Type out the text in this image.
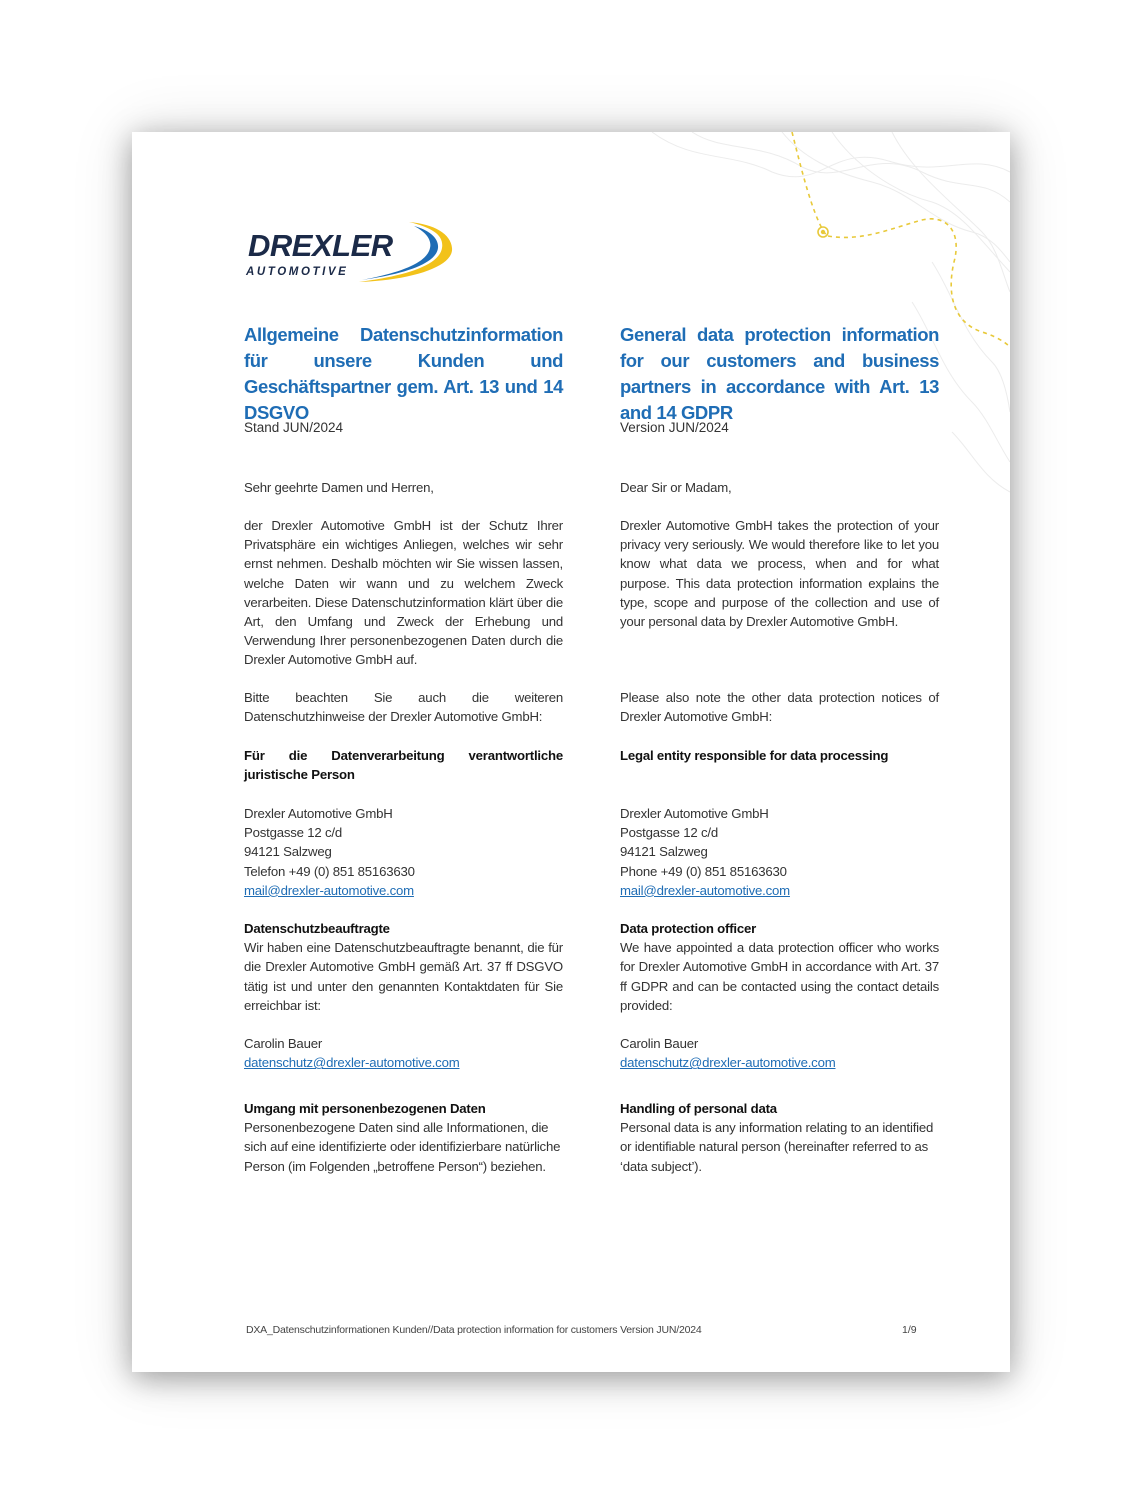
DREXLER
AUTOMOTIVE
Allgemeine Datenschutzinformation für unsere Kunden und Geschäftspartner gem. Art. 13 und 14 DSGVO
Stand JUN/2024

Sehr geehrte Damen und Herren,

der Drexler Automotive GmbH ist der Schutz Ihrer Privatsphäre ein wichtiges Anliegen, welches wir sehr ernst nehmen. Deshalb möchten wir Sie wissen lassen, welche Daten wir wann und zu welchem Zweck verarbeiten. Diese Datenschutzinformation klärt über die Art, den Umfang und Zweck der Erhebung und Verwendung Ihrer personenbezogenen Daten durch die Drexler Automotive GmbH auf.

Bitte beachten Sie auch die weiteren Datenschutzhinweise der Drexler Automotive GmbH:

Für die Datenverarbeitung verantwortliche juristische Person
Drexler Automotive GmbH
Postgasse 12 c/d
94121 Salzweg
Telefon +49 (0) 851 85163630
mail@drexler-automotive.com
Datenschutzbeauftragte

Wir haben eine Datenschutzbeauftragte benannt, die für die Drexler Automotive GmbH gemäß Art. 37 ff DSGVO tätig ist und unter den genannten Kontaktdaten für Sie erreichbar ist:

Carolin Bauer
datenschutz@drexler-automotive.com
Umgang mit personenbezogenen Daten

Personenbezogene Daten sind alle Informationen, die sich auf eine identifizierte oder identifizierbare natürliche Person (im Folgenden „betroffene Person“) beziehen.

General data protection information for our customers and business partners in accordance with Art. 13 and 14 GDPR
Version JUN/2024

Dear Sir or Madam,

Drexler Automotive GmbH takes the protection of your privacy very seriously. We would therefore like to let you know what data we process, when and for what purpose. This data protection information explains the type, scope and purpose of the collection and use of your personal data by Drexler Automotive GmbH.

Please also note the other data protection notices of Drexler Automotive GmbH:

Legal entity responsible for data processing
Drexler Automotive GmbH
Postgasse 12 c/d
94121 Salzweg
Phone +49 (0) 851 85163630
mail@drexler-automotive.com
Data protection officer

We have appointed a data protection officer who works for Drexler Automotive GmbH in accordance with Art. 37 ff GDPR and can be contacted using the contact details provided:

Carolin Bauer
datenschutz@drexler-automotive.com
Handling of personal data

Personal data is any information relating to an identified or identifiable natural person (hereinafter referred to as ‘data subject’).

DXA_Datenschutzinformationen Kunden//Data protection information for customers Version JUN/2024	1/9
